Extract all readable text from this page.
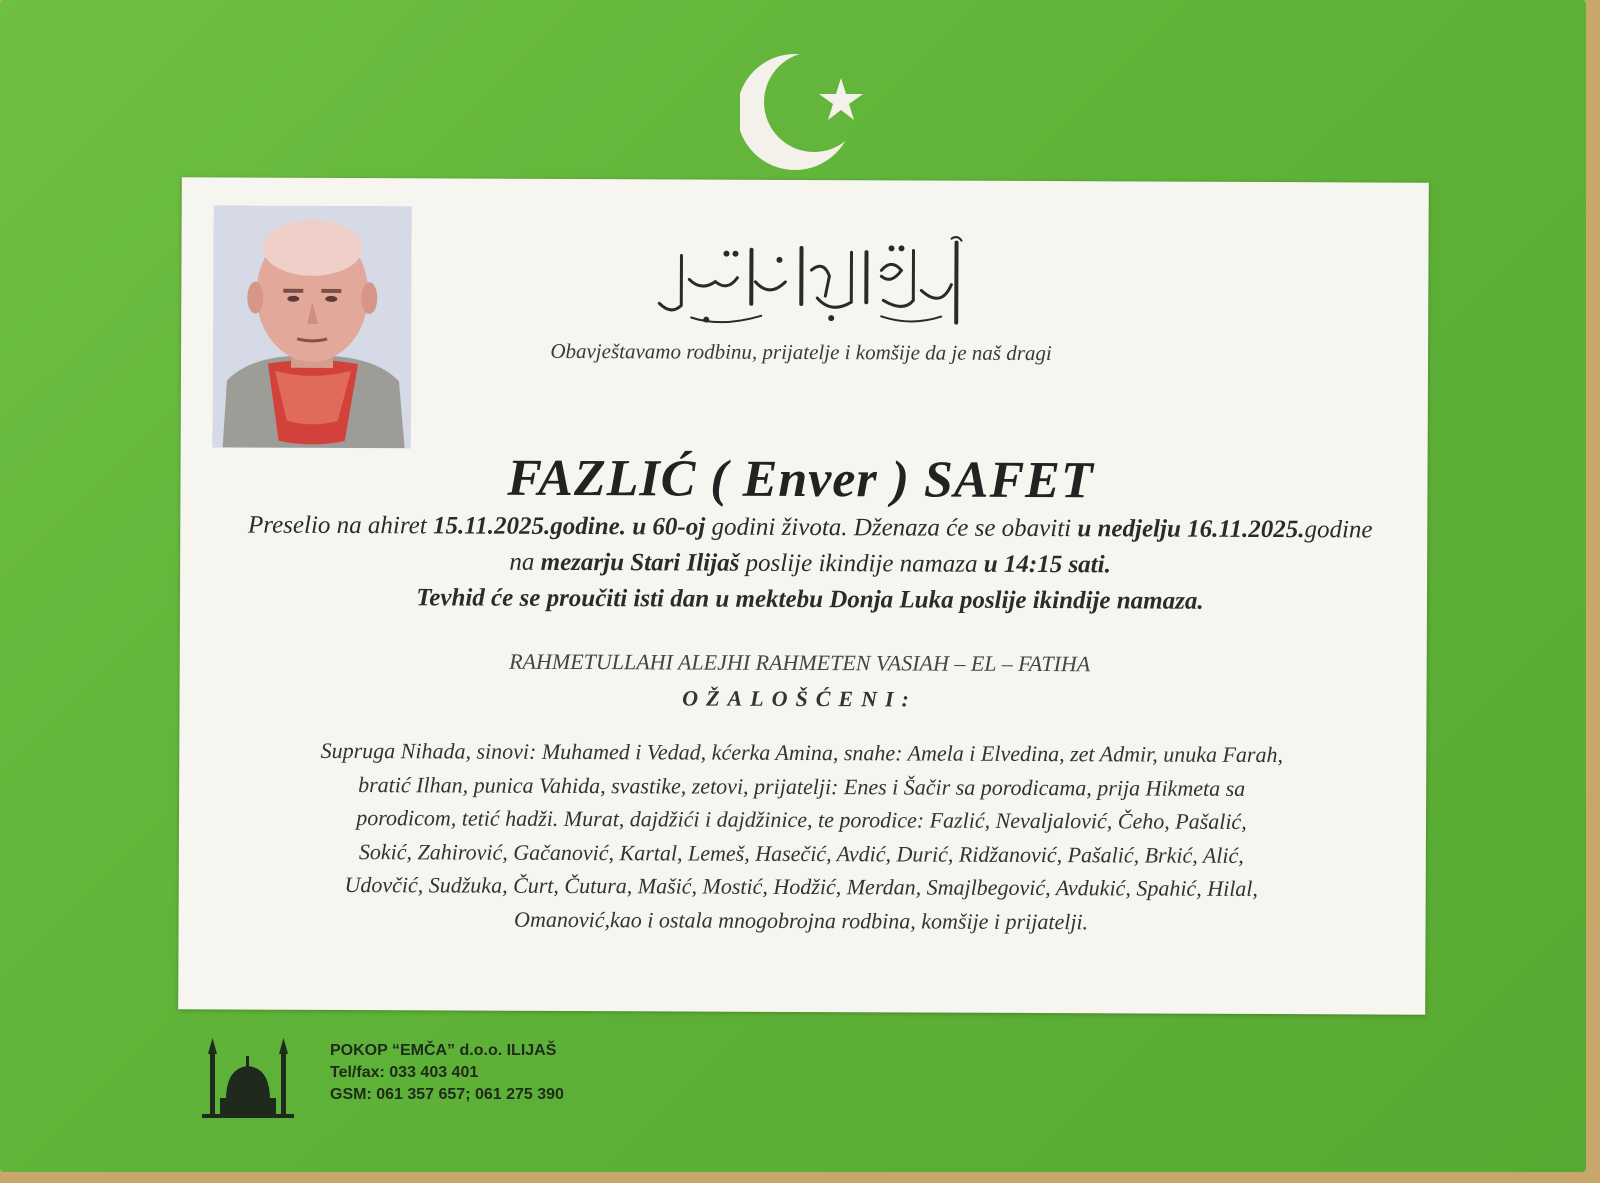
Obavještavamo rodbinu, prijatelje i komšije da je naš dragi
FAZLIĆ ( Enver ) SAFET
Preselio na ahiret 15.11.2025.godine. u 60-oj godini života. Dženaza će se obaviti u nedjelju 16.11.2025.godine na mezarju Stari Ilijaš poslije ikindije namaza u 14:15 sati.
Tevhid će se proučiti isti dan u mektebu Donja Luka poslije ikindije namaza.
RAHMETULLAHI ALEJHI RAHMETEN VASIAH – EL – FATIHA
OŽALOŠĆENI:
Supruga Nihada, sinovi: Muhamed i Vedad, kćerka Amina, snahe: Amela i Elvedina, zet Admir, unuka Farah,
bratić Ilhan, punica Vahida, svastike, zetovi, prijatelji: Enes i Šačir sa porodicama, prija Hikmeta sa
porodicom, tetić hadži. Murat, dajdžići i dajdžinice, te porodice: Fazlić, Nevaljalović, Čeho, Pašalić,
Sokić, Zahirović, Gačanović, Kartal, Lemeš, Hasečić, Avdić, Durić, Ridžanović, Pašalić, Brkić, Alić,
Udovčić, Sudžuka, Čurt, Čutura, Mašić, Mostić, Hodžić, Merdan, Smajlbegović, Avdukić, Spahić, Hilal,
Omanović,kao i ostala mnogobrojna rodbina, komšije i prijatelji.
POKOP “EMČA” d.o.o. ILIJAŠ
Tel/fax: 033 403 401
GSM: 061 357 657; 061 275 390
